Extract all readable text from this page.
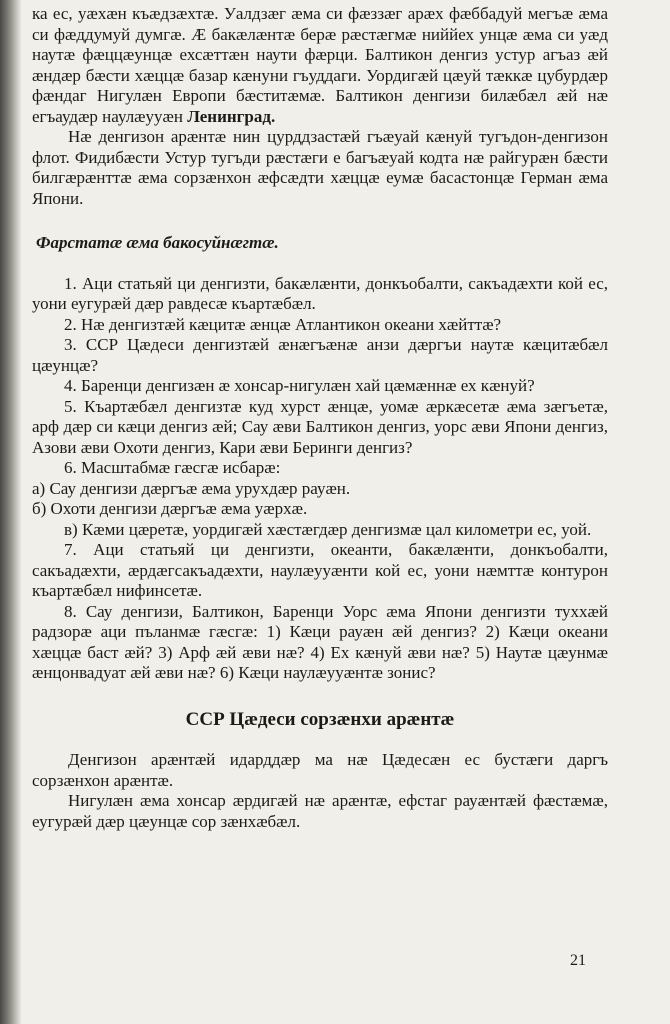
ка ес, уæхæн къæдзæхтæ. Уалдзæг æма си фæззæг арæх фæббадуй мегъæ æма си фæддумуй думгæ. Æ бакæлæнтæ берæ рæстæгмæ ниййех унцæ æма си уæд наутæ фæццæунцæ ехсæттæн наути фæрци. Балтикон денгиз устур агъаз æй æндæр бæсти хæццæ базар кæнуни гъуддаги. Уордигæй цæуй тæккæ цубурдæр фæндаг Нигулæн Европи бæститæмæ. Балтикон денгизи билæбæл æй нæ егъаудæр наулæууæн Ленинград.

Нæ денгизон арæнтæ нин цурддзастæй гъæуай кæнуй тугъдон-денгизон флот. Фидибæсти Устур тугъди рæстæги е багъæуай кодта нæ райгурæн бæсти билгæрæнттæ æма сорзæнхон æфсæдти хæццæ еумæ басастонцæ Герман æма Япони.

Фарстатæ æма бакосуйнæгтæ.

1. Аци статьяй ци денгизти, бакæлæнти, донкъобалти, сакъадæхти кой ес, уони еугурæй дæр равдесæ къартæбæл.

2. Нæ денгизтæй кæцитæ æнцæ Атлантикон океани хæйттæ?

3. ССР Цæдеси денгизтæй æнæгъæнæ анзи дæргъи наутæ кæцитæбæл цæунцæ?

4. Баренци денгизæн æ хонсар-нигулæн хай цæмæннæ ех кæнуй?

5. Къартæбæл денгизтæ куд хурст æнцæ, уомæ æркæсетæ æма зæгъетæ, арф дæр си кæци денгиз æй; Сау æви Балтикон денгиз, уорс æви Япони денгиз, Азови æви Охоти денгиз, Кари æви Беринги денгиз?

6. Масштабмæ гæсгæ исбарæ:

а) Сау денгизи дæргъæ æма урухдæр рауæн.

б) Охоти денгизи дæргъæ æма уæрхæ.

в) Кæми цæретæ, уордигæй хæстæгдæр денгизмæ цал километри ес, уой.

7. Аци статьяй ци денгизти, океанти, бакæлæнти, донкъобалти, сакъадæхти, æрдæгсакъадæхти, наулæууæнти кой ес, уони нæмттæ контурон къартæбæл нифинсетæ.

8. Сау денгизи, Балтикон, Баренци Уорс æма Япони денгизти туххæй радзорæ аци пъланмæ гæсгæ: 1) Кæци рауæн æй денгиз? 2) Кæци океани хæццæ баст æй? 3) Арф æй æви нæ? 4) Ех кæнуй æви нæ? 5) Наутæ цæунмæ æнцонвадуат æй æви нæ? 6) Кæци наулæууæнтæ зонис?

ССР Цæдеси сорзæнхи арæнтæ

Денгизон арæнтæй идарддæр ма нæ Цæдесæн ес бустæги даргъ сорзæнхон арæнтæ.

Нигулæн æма хонсар æрдигæй нæ арæнтæ, ефстаг рауæнтæй фæстæмæ, еугурæй дæр цæунцæ сор зæнхæбæл.

21
